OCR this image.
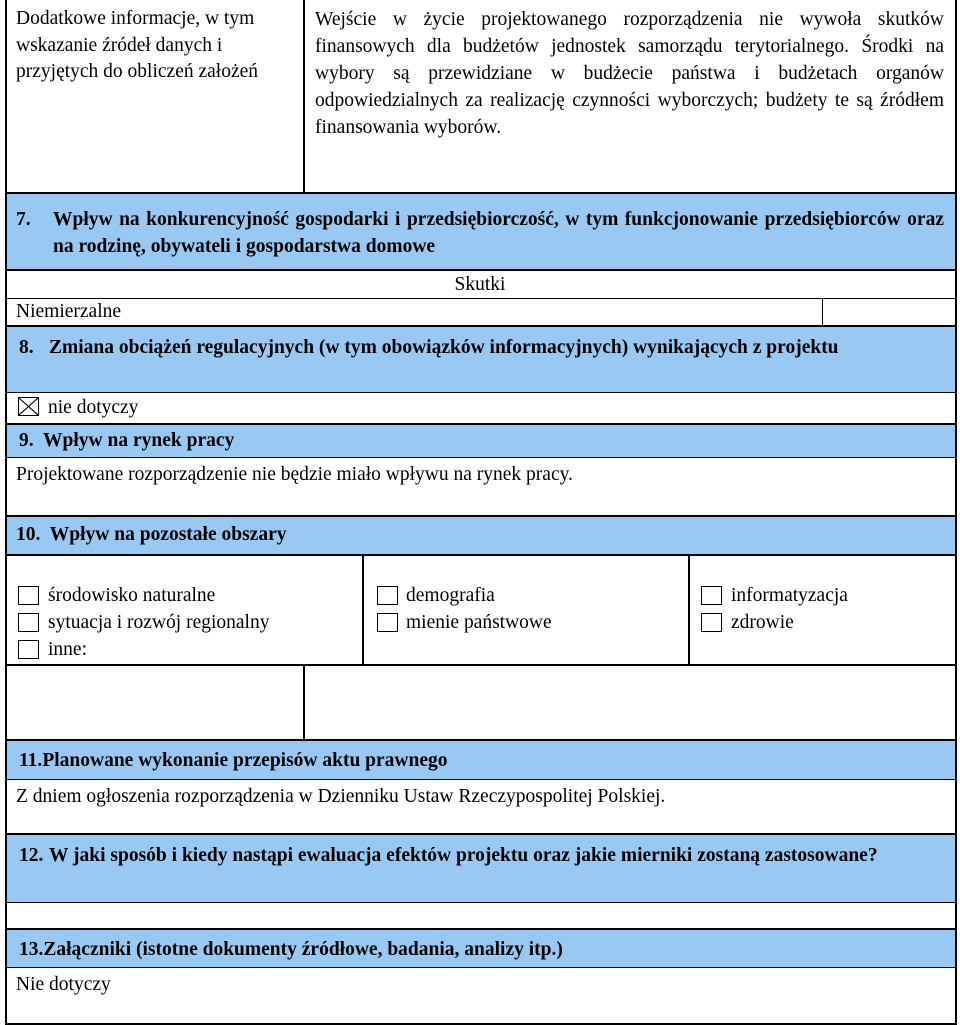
Dodatkowe informacje, w tym wskazanie źródeł danych i przyjętych do obliczeń założeń

Wejście w życie projektowanego rozporządzenia nie wywoła skutków finansowych dla budżetów jednostek samorządu terytorialnego. Środki na wybory są przewidziane w budżecie państwa i budżetach organów odpowiedzialnych za realizację czynności wyborczych; budżety te są źródłem finansowania wyborów.

7. Wpływ na konkurencyjność gospodarki i przedsiębiorczość, w tym funkcjonowanie przedsiębiorców oraz na rodzinę, obywateli i gospodarstwa domowe
Skutki
Niemierzalne
8. Zmiana obciążeń regulacyjnych (w tym obowiązków informacyjnych) wynikających z projektu
nie dotyczy
9. Wpływ na rynek pracy
Projektowane rozporządzenie nie będzie miało wpływu na rynek pracy.
10. Wpływ na pozostałe obszary
środowisko naturalne
sytuacja i rozwój regionalny
inne:
demografia
mienie państwowe
informatyzacja
zdrowie
11.Planowane wykonanie przepisów aktu prawnego
Z dniem ogłoszenia rozporządzenia w Dzienniku Ustaw Rzeczypospolitej Polskiej.
12. W jaki sposób i kiedy nastąpi ewaluacja efektów projektu oraz jakie mierniki zostaną zastosowane?
13.Załączniki (istotne dokumenty źródłowe, badania, analizy itp.)
Nie dotyczy
